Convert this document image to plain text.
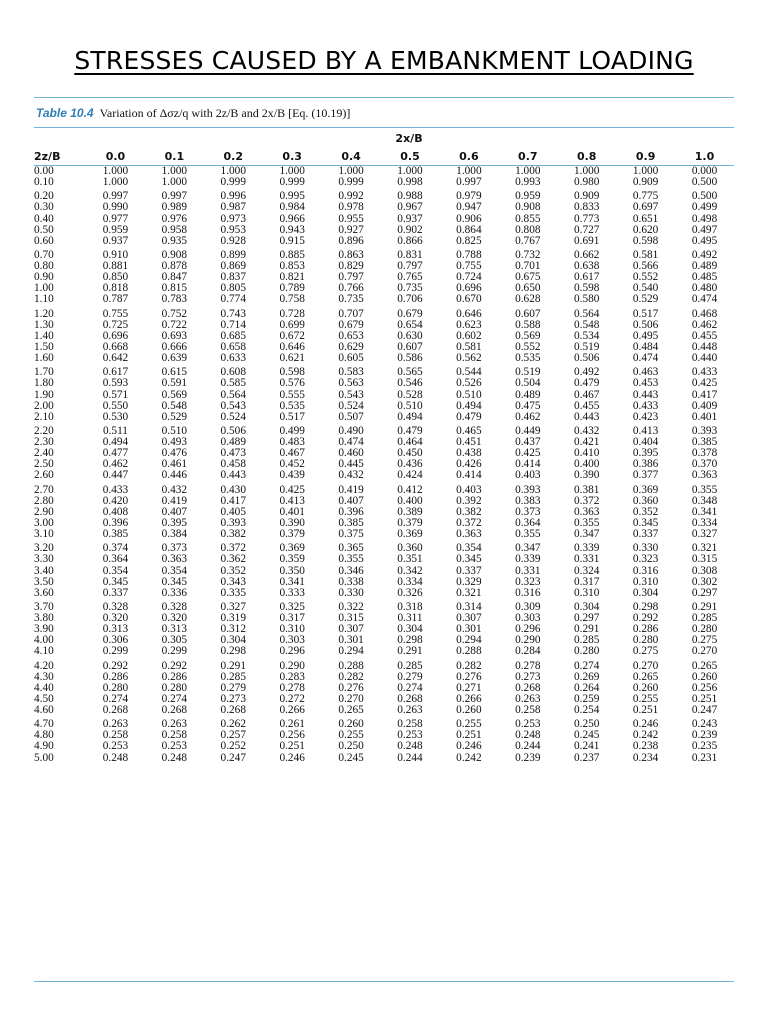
STRESSES CAUSED BY A EMBANKMENT LOADING
Table 10.4 Variation of Δσz/q with 2z/B and 2x/B [Eq. (10.19)]
2x/B
2z/B	0.0	0.1	0.2	0.3	0.4	0.5	0.6	0.7	0.8	0.9	1.0
0.00	1.000	1.000	1.000	1.000	1.000	1.000	1.000	1.000	1.000	1.000	0.000
0.10	1.000	1.000	0.999	0.999	0.999	0.998	0.997	0.993	0.980	0.909	0.500
0.20	0.997	0.997	0.996	0.995	0.992	0.988	0.979	0.959	0.909	0.775	0.500
0.30	0.990	0.989	0.987	0.984	0.978	0.967	0.947	0.908	0.833	0.697	0.499
0.40	0.977	0.976	0.973	0.966	0.955	0.937	0.906	0.855	0.773	0.651	0.498
0.50	0.959	0.958	0.953	0.943	0.927	0.902	0.864	0.808	0.727	0.620	0.497
0.60	0.937	0.935	0.928	0.915	0.896	0.866	0.825	0.767	0.691	0.598	0.495
0.70	0.910	0.908	0.899	0.885	0.863	0.831	0.788	0.732	0.662	0.581	0.492
0.80	0.881	0.878	0.869	0.853	0.829	0.797	0.755	0.701	0.638	0.566	0.489
0.90	0.850	0.847	0.837	0.821	0.797	0.765	0.724	0.675	0.617	0.552	0.485
1.00	0.818	0.815	0.805	0.789	0.766	0.735	0.696	0.650	0.598	0.540	0.480
1.10	0.787	0.783	0.774	0.758	0.735	0.706	0.670	0.628	0.580	0.529	0.474
1.20	0.755	0.752	0.743	0.728	0.707	0.679	0.646	0.607	0.564	0.517	0.468
1.30	0.725	0.722	0.714	0.699	0.679	0.654	0.623	0.588	0.548	0.506	0.462
1.40	0.696	0.693	0.685	0.672	0.653	0.630	0.602	0.569	0.534	0.495	0.455
1.50	0.668	0.666	0.658	0.646	0.629	0.607	0.581	0.552	0.519	0.484	0.448
1.60	0.642	0.639	0.633	0.621	0.605	0.586	0.562	0.535	0.506	0.474	0.440
1.70	0.617	0.615	0.608	0.598	0.583	0.565	0.544	0.519	0.492	0.463	0.433
1.80	0.593	0.591	0.585	0.576	0.563	0.546	0.526	0.504	0.479	0.453	0.425
1.90	0.571	0.569	0.564	0.555	0.543	0.528	0.510	0.489	0.467	0.443	0.417
2.00	0.550	0.548	0.543	0.535	0.524	0.510	0.494	0.475	0.455	0.433	0.409
2.10	0.530	0.529	0.524	0.517	0.507	0.494	0.479	0.462	0.443	0.423	0.401
2.20	0.511	0.510	0.506	0.499	0.490	0.479	0.465	0.449	0.432	0.413	0.393
2.30	0.494	0.493	0.489	0.483	0.474	0.464	0.451	0.437	0.421	0.404	0.385
2.40	0.477	0.476	0.473	0.467	0.460	0.450	0.438	0.425	0.410	0.395	0.378
2.50	0.462	0.461	0.458	0.452	0.445	0.436	0.426	0.414	0.400	0.386	0.370
2.60	0.447	0.446	0.443	0.439	0.432	0.424	0.414	0.403	0.390	0.377	0.363
2.70	0.433	0.432	0.430	0.425	0.419	0.412	0.403	0.393	0.381	0.369	0.355
2.80	0.420	0.419	0.417	0.413	0.407	0.400	0.392	0.383	0.372	0.360	0.348
2.90	0.408	0.407	0.405	0.401	0.396	0.389	0.382	0.373	0.363	0.352	0.341
3.00	0.396	0.395	0.393	0.390	0.385	0.379	0.372	0.364	0.355	0.345	0.334
3.10	0.385	0.384	0.382	0.379	0.375	0.369	0.363	0.355	0.347	0.337	0.327
3.20	0.374	0.373	0.372	0.369	0.365	0.360	0.354	0.347	0.339	0.330	0.321
3.30	0.364	0.363	0.362	0.359	0.355	0.351	0.345	0.339	0.331	0.323	0.315
3.40	0.354	0.354	0.352	0.350	0.346	0.342	0.337	0.331	0.324	0.316	0.308
3.50	0.345	0.345	0.343	0.341	0.338	0.334	0.329	0.323	0.317	0.310	0.302
3.60	0.337	0.336	0.335	0.333	0.330	0.326	0.321	0.316	0.310	0.304	0.297
3.70	0.328	0.328	0.327	0.325	0.322	0.318	0.314	0.309	0.304	0.298	0.291
3.80	0.320	0.320	0.319	0.317	0.315	0.311	0.307	0.303	0.297	0.292	0.285
3.90	0.313	0.313	0.312	0.310	0.307	0.304	0.301	0.296	0.291	0.286	0.280
4.00	0.306	0.305	0.304	0.303	0.301	0.298	0.294	0.290	0.285	0.280	0.275
4.10	0.299	0.299	0.298	0.296	0.294	0.291	0.288	0.284	0.280	0.275	0.270
4.20	0.292	0.292	0.291	0.290	0.288	0.285	0.282	0.278	0.274	0.270	0.265
4.30	0.286	0.286	0.285	0.283	0.282	0.279	0.276	0.273	0.269	0.265	0.260
4.40	0.280	0.280	0.279	0.278	0.276	0.274	0.271	0.268	0.264	0.260	0.256
4.50	0.274	0.274	0.273	0.272	0.270	0.268	0.266	0.263	0.259	0.255	0.251
4.60	0.268	0.268	0.268	0.266	0.265	0.263	0.260	0.258	0.254	0.251	0.247
4.70	0.263	0.263	0.262	0.261	0.260	0.258	0.255	0.253	0.250	0.246	0.243
4.80	0.258	0.258	0.257	0.256	0.255	0.253	0.251	0.248	0.245	0.242	0.239
4.90	0.253	0.253	0.252	0.251	0.250	0.248	0.246	0.244	0.241	0.238	0.235
5.00	0.248	0.248	0.247	0.246	0.245	0.244	0.242	0.239	0.237	0.234	0.231
